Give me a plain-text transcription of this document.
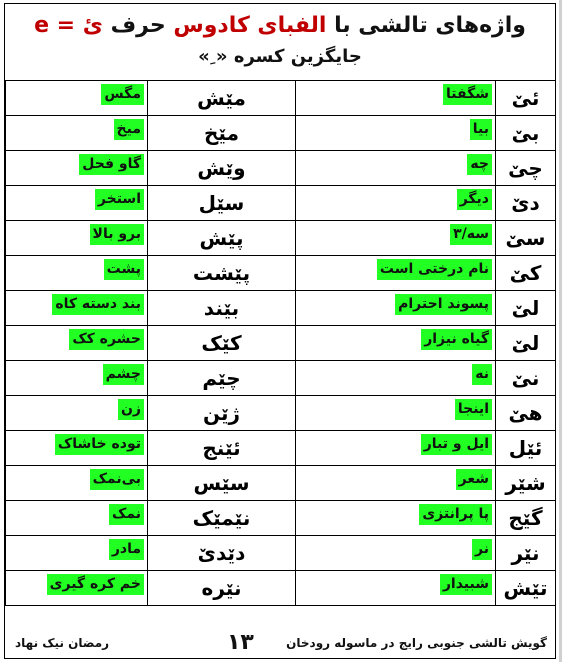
واژه‌های تالشی با الفبای کادوس حرف ئ = e
جایگزین کسره « ِ»
ئێ	شگفتا	مێش	مگس

بێ	بیا	مێخ	میخ

چێ	چه	وێش	گاو فحل

دێ	دیگر	سێل	استخر

سێ	سه/۳	پێش	برو بالا

کێ	نام درختی است	پێشت	پشت

لێ	پسوند احترام	بێند	بند دسته کاه

لێ	گیاه نیزار	کێک	حشره کک

نێ	نه	چێم	چشم

هێ	اینجا	ژێن	زن

ئێل	ایل و تبار	ئێنج	توده خاشاک

شێر	شعر	سێس	بی‌نمک

گێج	پا پرانتزی	نێمێک	نمک

نێر	نر	دێدێ	مادر

تێش	شبیدار	نێره	خم کره گیری
گویش تالشی جنوبی رایج در ماسوله رودخان
۱۳
رمضان نیک نهاد
